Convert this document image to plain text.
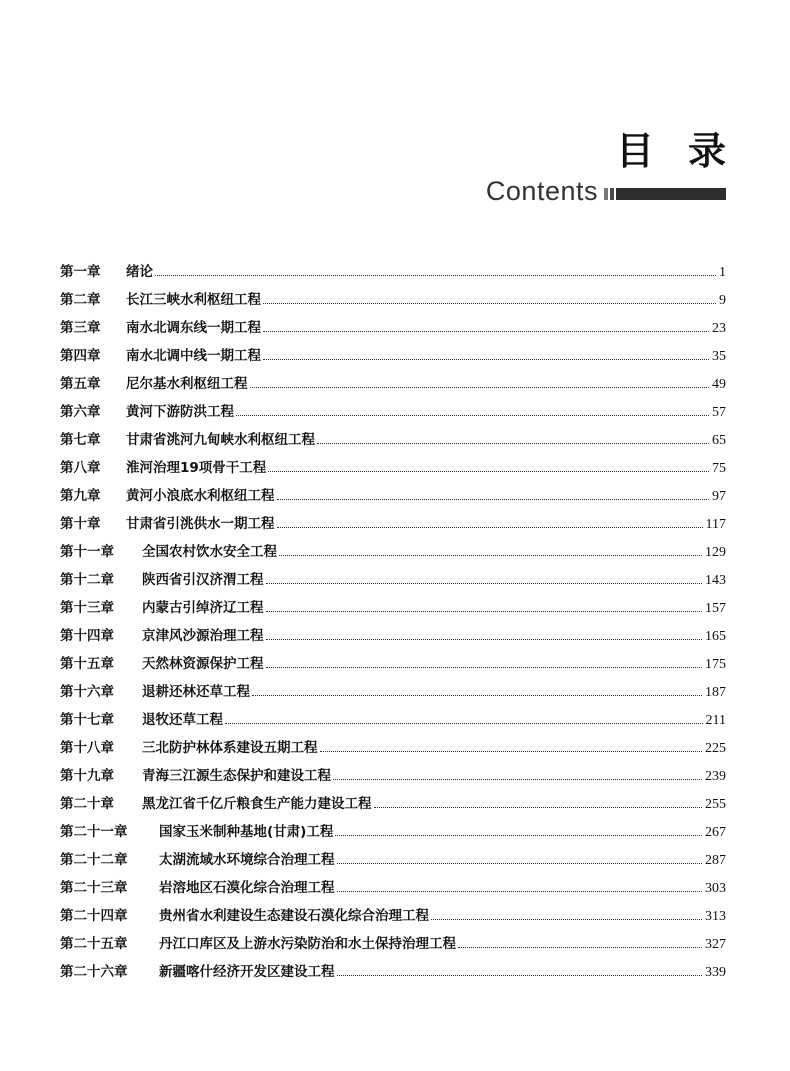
目录
Contents
第一章	绪论	1
第二章	长江三峡水利枢纽工程	9
第三章	南水北调东线一期工程	23
第四章	南水北调中线一期工程	35
第五章	尼尔基水利枢纽工程	49
第六章	黄河下游防洪工程	57
第七章	甘肃省洮河九甸峡水利枢纽工程	65
第八章	淮河治理19项骨干工程	75
第九章	黄河小浪底水利枢纽工程	97
第十章	甘肃省引洮供水一期工程	117
第十一章	全国农村饮水安全工程	129
第十二章	陕西省引汉济渭工程	143
第十三章	内蒙古引绰济辽工程	157
第十四章	京津风沙源治理工程	165
第十五章	天然林资源保护工程	175
第十六章	退耕还林还草工程	187
第十七章	退牧还草工程	211
第十八章	三北防护林体系建设五期工程	225
第十九章	青海三江源生态保护和建设工程	239
第二十章	黑龙江省千亿斤粮食生产能力建设工程	255
第二十一章	国家玉米制种基地(甘肃)工程	267
第二十二章	太湖流域水环境综合治理工程	287
第二十三章	岩溶地区石漠化综合治理工程	303
第二十四章	贵州省水利建设生态建设石漠化综合治理工程	313
第二十五章	丹江口库区及上游水污染防治和水土保持治理工程	327
第二十六章	新疆喀什经济开发区建设工程	339
